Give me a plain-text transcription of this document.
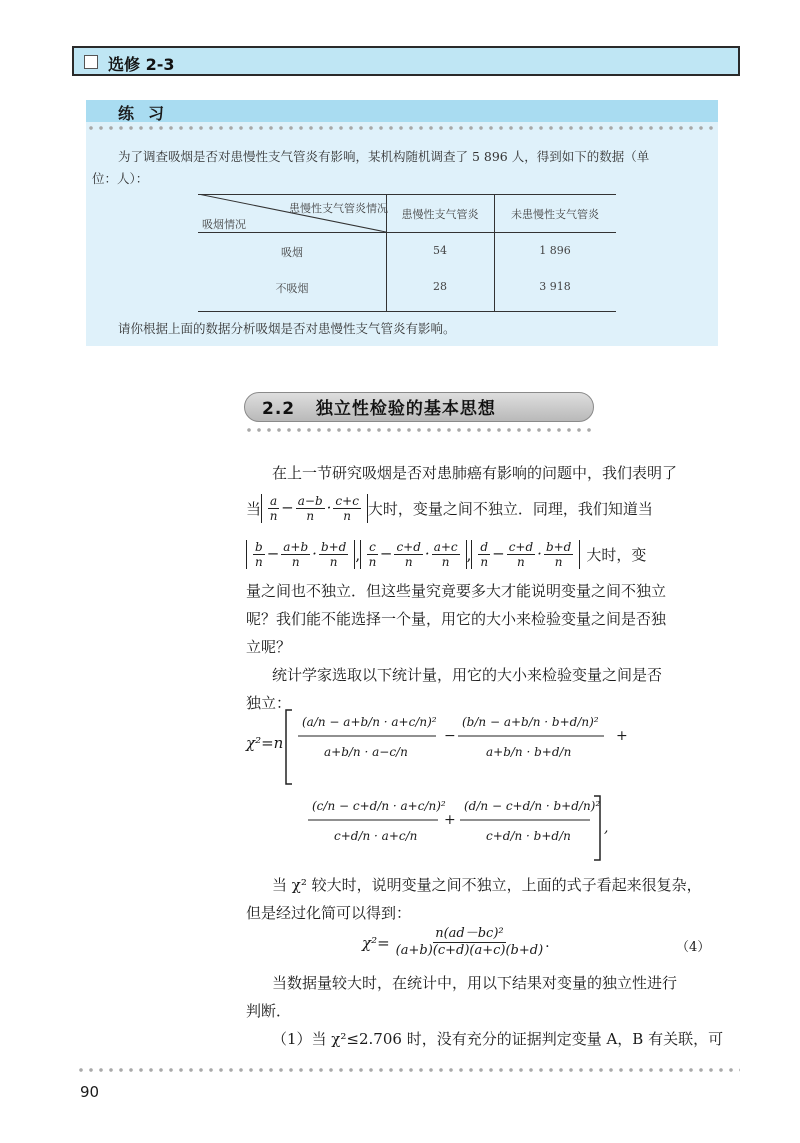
选修 2-3
练习
为了调查吸烟是否对患慢性支气管炎有影响，某机构随机调查了 5 896 人，得到如下的数据（单
位：人）：
患慢性支气管炎情况
吸烟情况
患慢性支气管炎	未患慢性支气管炎
吸烟	54	1 896
不吸烟	28	3 918
请你根据上面的数据分析吸烟是否对患慢性支气管炎有影响。
2.2   独立性检验的基本思想
在上一节研究吸烟是否对患肺癌有影响的问题中，我们表明了
当 $\frac{a}{n} - \frac{a-b}{n} \cdot \frac{c+c}{n}$ 大时，变量之间不独立．同理，我们知道当
$\frac{b}{n} - \frac{a+b}{n} \cdot \frac{b+d}{n}$ , $\frac{c}{n} - \frac{c+d}{n} \cdot \frac{a+c}{n}$ , $\frac{d}{n} - \frac{c+d}{n} \cdot \frac{b+d}{n}$ 大时，变
量之间也不独立．但这些量究竟要多大才能说明变量之间不独立
呢？我们能不能选择一个量，用它的大小来检验变量之间是否独
立呢？
统计学家选取以下统计量，用它的大小来检验变量之间是否
独立：
χ²=n
(a/n − a+b/n · a+c/n)²
a+b/n · a−c/n
−
(b/n − a+b/n · b+d/n)²
a+b/n · b+d/n
+
(c/n − c+d/n · a+c/n)²
c+d/n · a+c/n
+
(d/n − c+d/n · b+d/n)²
c+d/n · b+d/n ,
当 χ² 较大时，说明变量之间不独立，上面的式子看起来很复杂，
但是经过化简可以得到：
$\chi^2= \frac{\text{n(ad－bc)²}}{(a+b)(c+d)(a+c)(b+d)}$ .	（4）
当数据量较大时，在统计中，用以下结果对变量的独立性进行
判断．
（1）当 χ²≤2.706 时，没有充分的证据判定变量 A，B 有关联，可
90
